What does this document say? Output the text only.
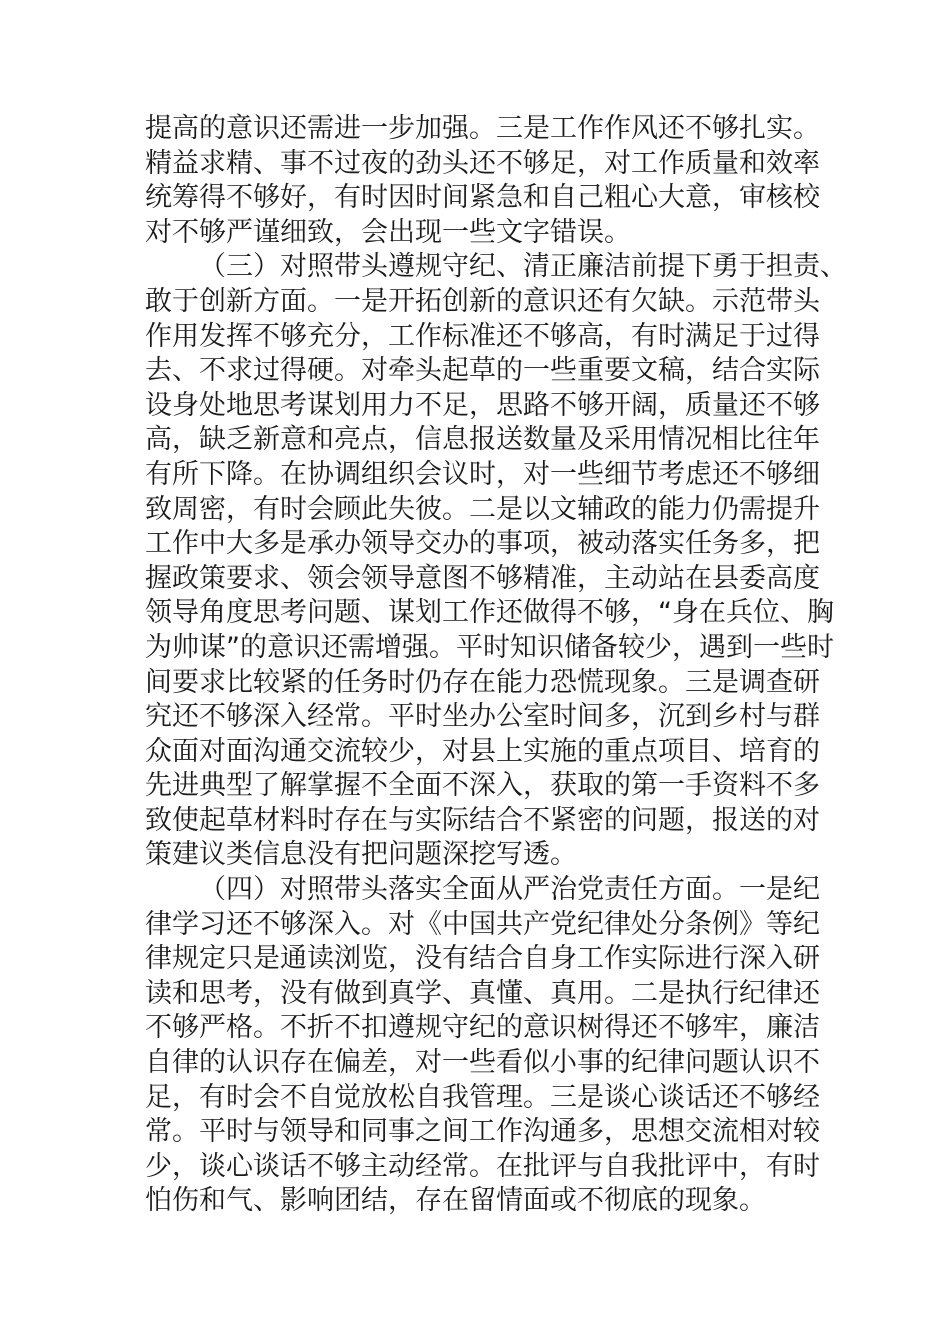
提高的意识还需进一步加强。三是工作作风还不够扎实。
精益求精、事不过夜的劲头还不够足，对工作质量和效率
统筹得不够好，有时因时间紧急和自己粗心大意，审核校
对不够严谨细致，会出现一些文字错误。
（三）对照带头遵规守纪、清正廉洁前提下勇于担责、
敢于创新方面。一是开拓创新的意识还有欠缺。示范带头
作用发挥不够充分，工作标准还不够高，有时满足于过得
去、不求过得硬。对牵头起草的一些重要文稿，结合实际
设身处地思考谋划用力不足，思路不够开阔，质量还不够
高，缺乏新意和亮点，信息报送数量及采用情况相比往年
有所下降。在协调组织会议时，对一些细节考虑还不够细
致周密，有时会顾此失彼。二是以文辅政的能力仍需提升
工作中大多是承办领导交办的事项，被动落实任务多，把
握政策要求、领会领导意图不够精准，主动站在县委高度
领导角度思考问题、谋划工作还做得不够，“身在兵位、胸
为帅谋”的意识还需增强。平时知识储备较少，遇到一些时
间要求比较紧的任务时仍存在能力恐慌现象。三是调查研
究还不够深入经常。平时坐办公室时间多，沉到乡村与群
众面对面沟通交流较少，对县上实施的重点项目、培育的
先进典型了解掌握不全面不深入，获取的第一手资料不多
致使起草材料时存在与实际结合不紧密的问题，报送的对
策建议类信息没有把问题深挖写透。
（四）对照带头落实全面从严治党责任方面。一是纪
律学习还不够深入。对《中国共产党纪律处分条例》等纪
律规定只是通读浏览，没有结合自身工作实际进行深入研
读和思考，没有做到真学、真懂、真用。二是执行纪律还
不够严格。不折不扣遵规守纪的意识树得还不够牢，廉洁
自律的认识存在偏差，对一些看似小事的纪律问题认识不
足，有时会不自觉放松自我管理。三是谈心谈话还不够经
常。平时与领导和同事之间工作沟通多，思想交流相对较
少，谈心谈话不够主动经常。在批评与自我批评中，有时
怕伤和气、影响团结，存在留情面或不彻底的现象。
